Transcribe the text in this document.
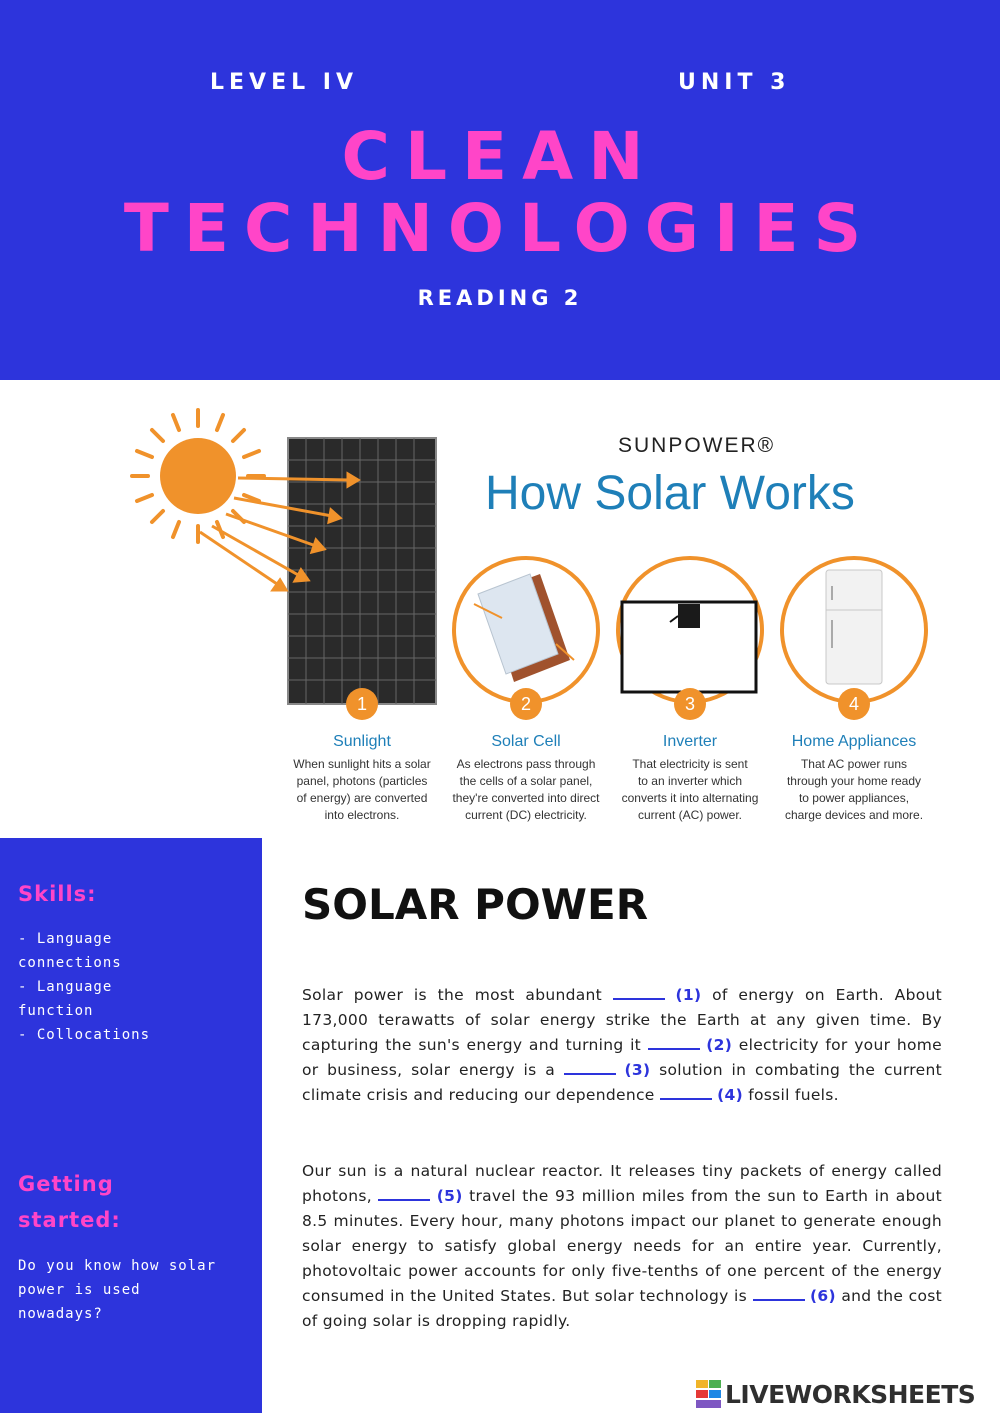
LEVEL IV	UNIT 3
CLEAN
TECHNOLOGIES
READING 2
1	2	3	4
SUNPOWER®
How Solar Works
Sunlight
When sunlight hits a solar
panel, photons (particles
of energy) are converted
into electrons.
Solar Cell
As electrons pass through
the cells of a solar panel,
they're converted into direct
current (DC) electricity.
Inverter
That electricity is sent
to an inverter which
converts it into alternating
current (AC) power.
Home Appliances
That AC power runs
through your home ready
to power appliances,
charge devices and more.
Skills:
- Language
connections
- Language
function
- Collocations
Getting
started:
Do you know how solar
power is used
nowadays?
SOLAR POWER
Solar power is the most abundant	(1) of energy on Earth. About 173,000 terawatts of solar energy strike the Earth at any given time. By capturing the sun's energy and turning it	(2) electricity for your home or business, solar energy is a	(3) solution in combating the current climate crisis and reducing our dependence	(4) fossil fuels.
Our sun is a natural nuclear reactor. It releases tiny packets of energy called photons,	(5) travel the 93 million miles from the sun to Earth in about 8.5 minutes. Every hour, many photons impact our planet to generate enough solar energy to satisfy global energy needs for an entire year. Currently, photovoltaic power accounts for only five-tenths of one percent of the energy consumed in the United States. But solar technology is	(6) and the cost of going solar is dropping rapidly.
LIVEWORKSHEETS
